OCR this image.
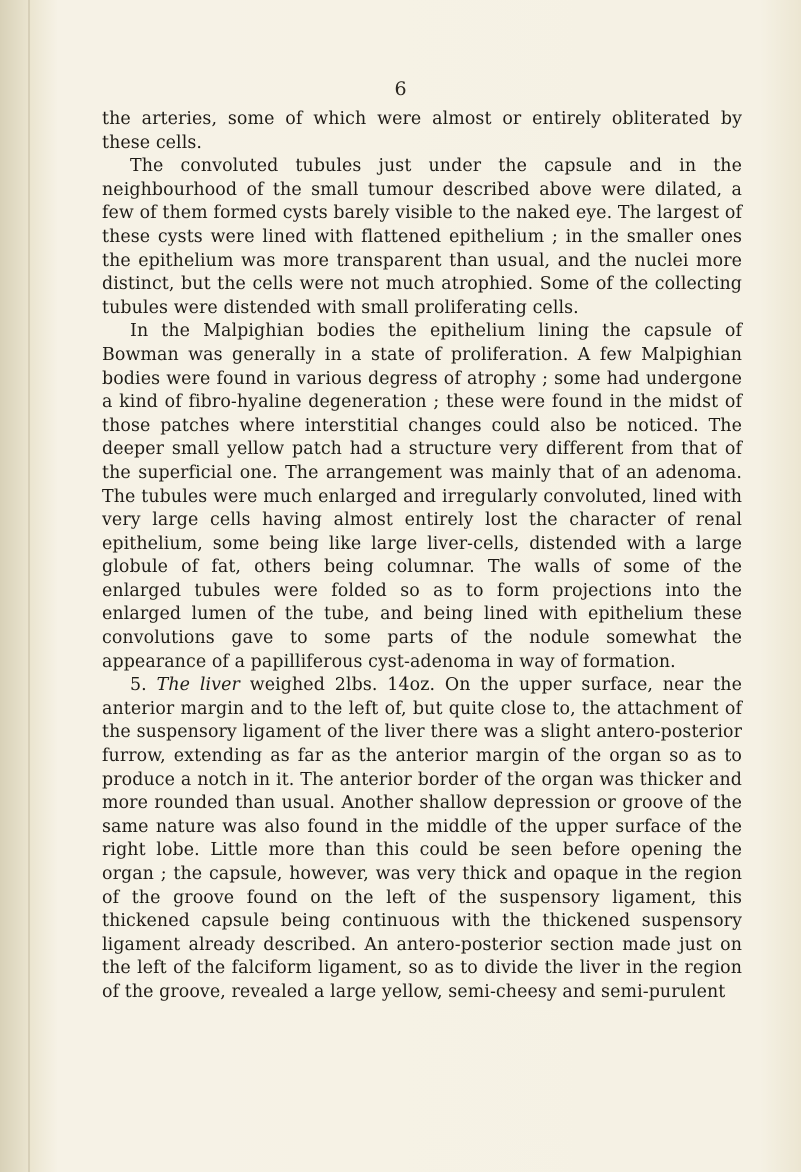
6

the arteries, some of which were almost or entirely obliterated by these cells.

The convoluted tubules just under the capsule and in the neighbourhood of the small tumour described above were dilated, a few of them formed cysts barely visible to the naked eye. The largest of these cysts were lined with flattened epithelium ; in the smaller ones the epithelium was more transparent than usual, and the nuclei more distinct, but the cells were not much atrophied. Some of the collecting tubules were distended with small proliferating cells.

In the Malpighian bodies the epithelium lining the capsule of Bowman was generally in a state of proliferation. A few Malpighian bodies were found in various degress of atrophy ; some had undergone a kind of fibro-hyaline degeneration ; these were found in the midst of those patches where interstitial changes could also be noticed. The deeper small yellow patch had a structure very different from that of the superficial one. The arrangement was mainly that of an adenoma. The tubules were much enlarged and irregularly convoluted, lined with very large cells having almost entirely lost the character of renal epithelium, some being like large liver-cells, distended with a large globule of fat, others being columnar. The walls of some of the enlarged tubules were folded so as to form projections into the enlarged lumen of the tube, and being lined with epithelium these convolutions gave to some parts of the nodule somewhat the appearance of a papilliferous cyst-adenoma in way of formation.

5. The liver weighed 2lbs. 14oz. On the upper surface, near the anterior margin and to the left of, but quite close to, the attachment of the suspensory ligament of the liver there was a slight antero-posterior furrow, extending as far as the anterior margin of the organ so as to produce a notch in it. The anterior border of the organ was thicker and more rounded than usual. Another shallow depression or groove of the same nature was also found in the middle of the upper surface of the right lobe. Little more than this could be seen before opening the organ ; the capsule, however, was very thick and opaque in the region of the groove found on the left of the suspensory ligament, this thickened capsule being continuous with the thickened suspensory ligament already described. An antero-posterior section made just on the left of the falciform ligament, so as to divide the liver in the region of the groove, revealed a large yellow, semi-cheesy and semi-purulent
